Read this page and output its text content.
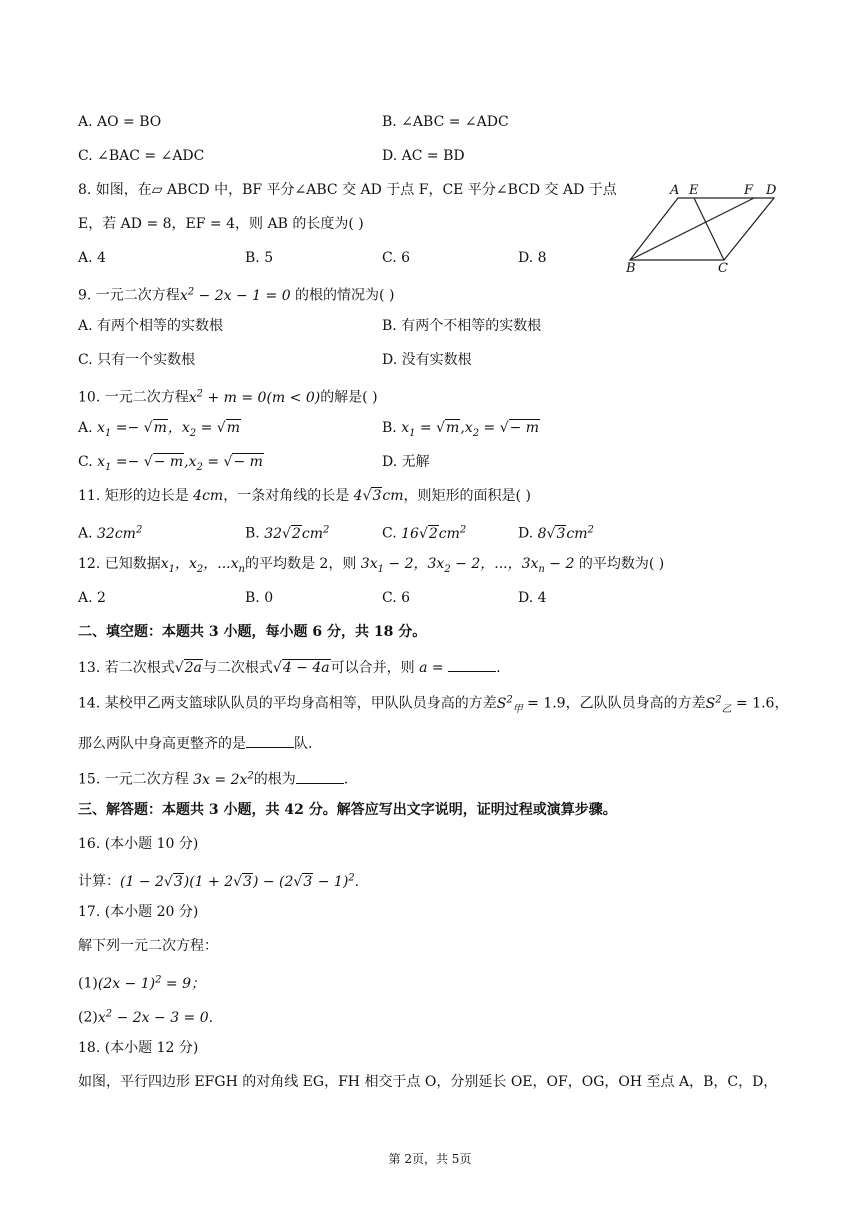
A. AO = BO	B. ∠ABC = ∠ADC
C. ∠BAC = ∠ADC	D. AC = BD
8. 如图，在▱ ABCD 中，BF 平分∠ABC 交 AD 于点 F，CE 平分∠BCD 交 AD 于点
E，若 AD = 8，EF = 4，则 AB 的长度为( )
A. 4	B. 5	C. 6	D. 8
A E	F D
B	C
9. 一元二次方程$x^2 - 2x - 1 = 0$ 的根的情况为( )
A. 有两个相等的实数根	B. 有两个不相等的实数根
C. 只有一个实数根	D. 没有实数根
10. 一元二次方程$x^2 + m = 0(m < 0)$的解是( )
A. $x_1 =- √m$，$x_2 = √m$	B. $x_1 = √m,x_2$ = √− m
C. $x_1$ =− √− $m,x_2$ = √− m	D. 无解
11. 矩形的边长是 4cm，一条对角线的长是 4√3cm，则矩形的面积是( )
A. $32cm^2$	B. $32√2cm^2$	C. $16√2cm^2$	D. $8√3cm^2$
12. 已知数据$x_1$，$x_2$，$...x_n$的平均数是 2，则 $3x_1 - 2$，$3x_2 - 2$，...，$3x_n - 2$ 的平均数为( )
A. 2	B. 0	C. 6	D. 4
二、填空题：本题共 3 小题，每小题 6 分，共 18 分。
13. 若二次根式√2a与二次根式√4 − 4a可以合并，则 a =	.
14. 某校甲乙两支篮球队队员的平均身高相等，甲队队员身高的方差$S^2_甲 = 1.9$，乙队队员身高的方差$S^2_乙 = 1.6$，
那么两队中身高更整齐的是	队.
15. 一元二次方程 $3x = 2x^2$的根为	.
三、解答题：本题共 3 小题，共 42 分。解答应写出文字说明，证明过程或演算步骤。
16. (本小题 10 分)
计算：$(1 - 2√3)(1 + 2√3) - (2√3 - 1)^2$.
17. (本小题 20 分)
解下列一元二次方程：
$(1)(2x - 1)^2 = 9$；
$(2)x^2 - 2x - 3 = 0$.
18. (本小题 12 分)
如图，平行四边形 EFGH 的对角线 EG，FH 相交于点 O，分别延长 OE，OF，OG，OH 至点 A，B，C，D，
第 2页，共 5页
